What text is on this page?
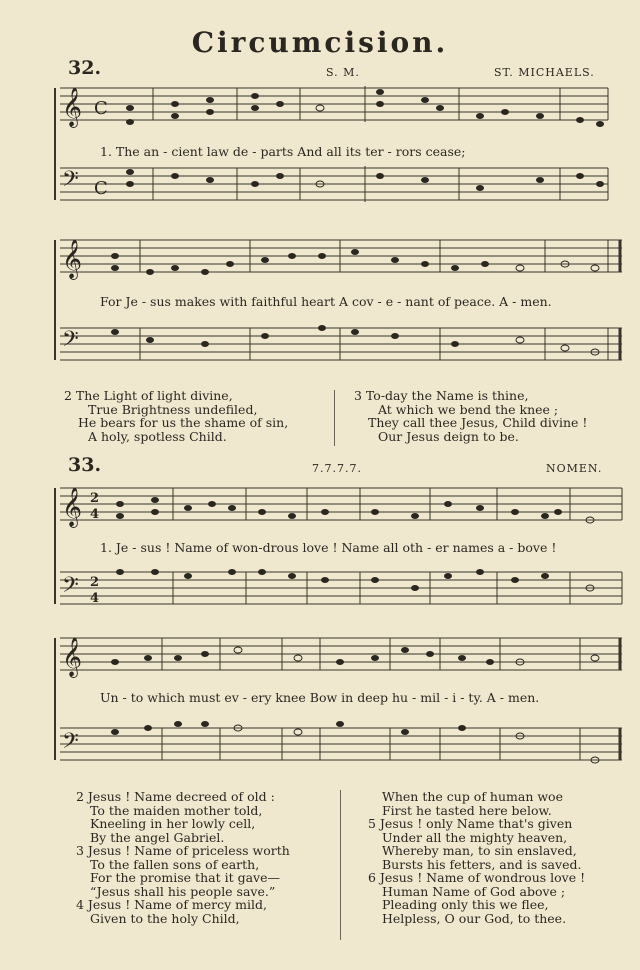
Circumcision.
32.	S. M.	ST. MICHAELS.
𝄞
𝄢
C
C
1. The an - cient law de - parts And all its ter - rors cease;
𝄞
𝄢
For Je - sus makes with faithful heart A cov - e - nant of peace. A - men.
2 The Light of light divine,
True Brightness undefiled,
He bears for us the shame of sin,
A holy, spotless Child.
3 To-day the Name is thine,
At which we bend the knee ;
They call thee Jesus, Child divine !
Our Jesus deign to be.
33.	7.7.7.7.	NOMEN.
𝄞
𝄢
2
4
2
4
1. Je - sus ! Name of won-drous love ! Name all oth - er names a - bove !
𝄞
𝄢
Un - to which must ev - ery knee Bow in deep hu - mil - i - ty. A - men.
2 Jesus ! Name decreed of old :
To the maiden mother told,
Kneeling in her lowly cell,
By the angel Gabriel.
3 Jesus ! Name of priceless worth
To the fallen sons of earth,
For the promise that it gave—
“Jesus shall his people save.”
4 Jesus ! Name of mercy mild,
Given to the holy Child,
When the cup of human woe
First he tasted here below.
5 Jesus ! only Name that's given
Under all the mighty heaven,
Whereby man, to sin enslaved,
Bursts his fetters, and is saved.
6 Jesus ! Name of wondrous love !
Human Name of God above ;
Pleading only this we flee,
Helpless, O our God, to thee.
